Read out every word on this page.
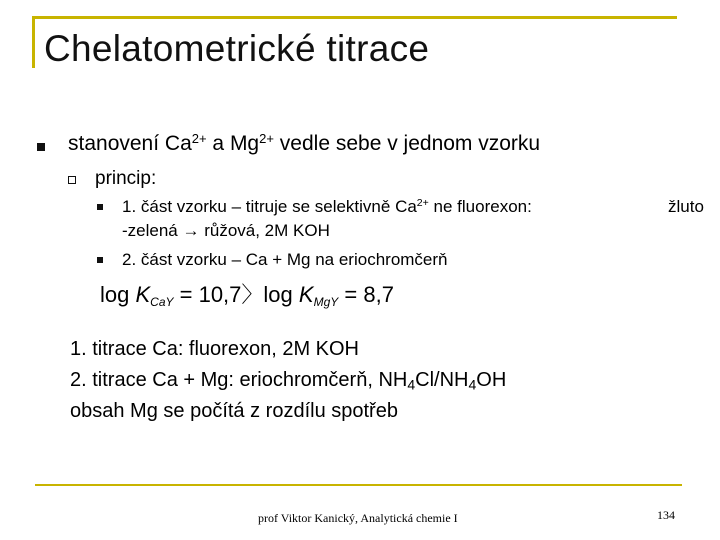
Chelatometrické titrace
stanovení $Ca^{2+}$ a $Mg^{2+}$ vedle sebe v jednom vzorku
princip:
1. část vzorku – titruje se selektivně $Ca^{2+}$ ne fluorexon:	žluto
-zelená → růžová, 2M KOH
2. část vzorku – Ca + Mg na eriochromčerň
$\log K_{CaY} = 10,7$〉$\log K_{MgY} = 8,7$
1. titrace Ca: fluorexon, 2M KOH
2. titrace Ca + Mg: eriochromčerň, $NH_4Cl/NH_4OH$
obsah Mg se počítá z rozdílu spotřeb
prof Viktor Kanický, Analytická chemie I	134
